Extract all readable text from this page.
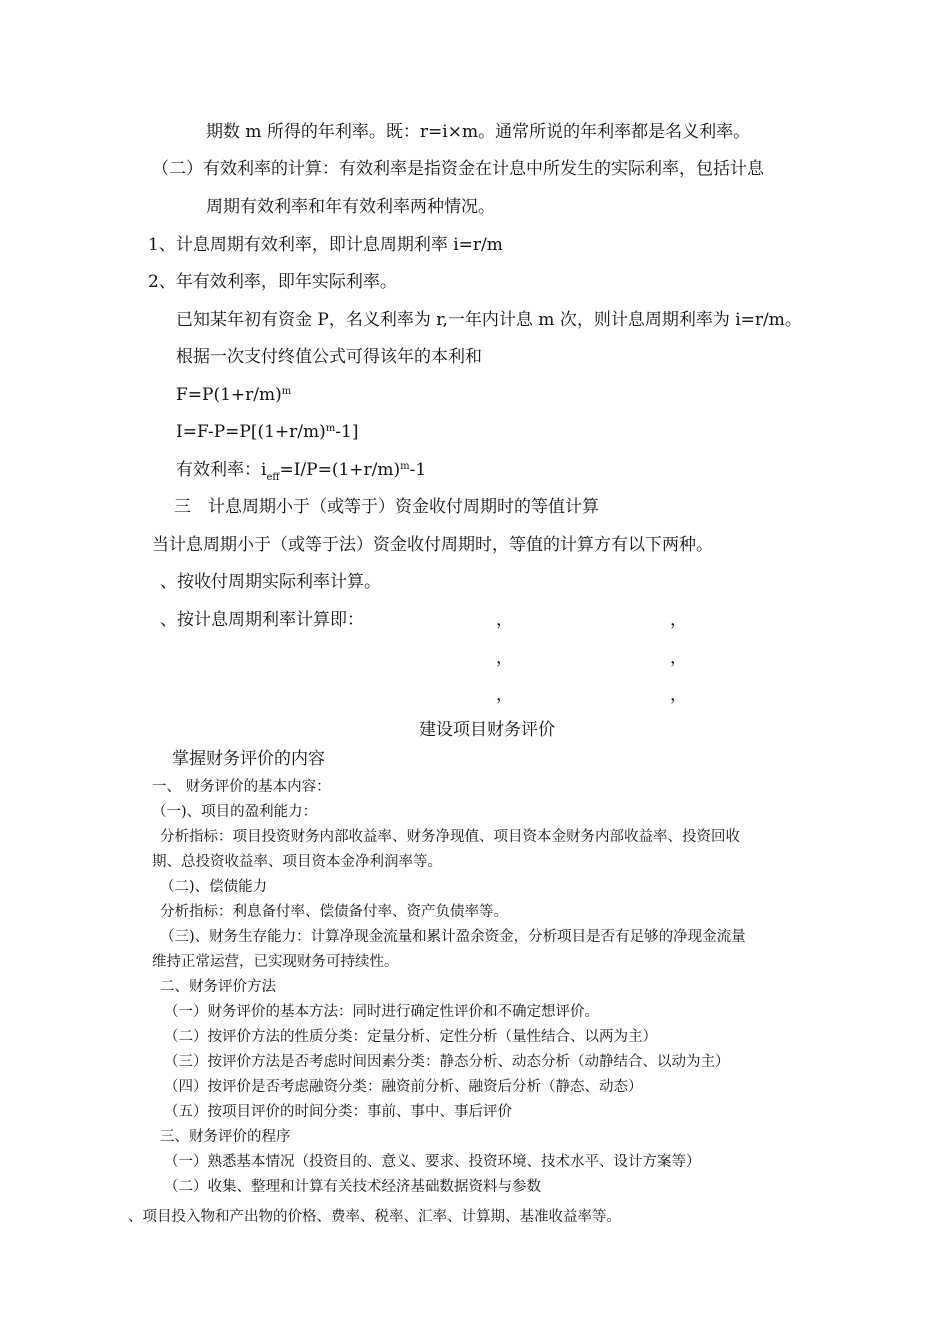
期数 m 所得的年利率。既：r=i×m。通常所说的年利率都是名义利率。
（二）有效利率的计算：有效利率是指资金在计息中所发生的实际利率，包括计息
周期有效利率和年有效利率两种情况。
1、计息周期有效利率，即计息周期利率 i=r/m
2、年有效利率，即年实际利率。
已知某年初有资金 P，名义利率为 r,一年内计息 m 次，则计息周期利率为 i=r/m。
根据一次支付终值公式可得该年的本利和
$F=P(1+r/m)^m$
$I=F-P=P[(1+r/m)^m-1]$
有效利率：$i_{eff}=I/P=(1+r/m)^m-1$
三　计息周期小于（或等于）资金收付周期时的等值计算
当计息周期小于（或等于法）资金收付周期时，等值的计算方有以下两种。
、按收付周期实际利率计算。
、按计息周期利率计算即：	，	，
，	，
，	，
建设项目财务评价
掌握财务评价的内容
一、 财务评价的基本内容：
（一)、项目的盈利能力：
分析指标：项目投资财务内部收益率、财务净现值、项目资本金财务内部收益率、投资回收
期、总投资收益率、项目资本金净利润率等。
（二)、偿债能力
分析指标：利息备付率、偿债备付率、资产负债率等。
（三)、财务生存能力：计算净现金流量和累计盈余资金，分析项目是否有足够的净现金流量
维持正常运营，已实现财务可持续性。
二、财务评价方法
（一）财务评价的基本方法：同时进行确定性评价和不确定想评价。
（二）按评价方法的性质分类：定量分析、定性分析（量性结合、以两为主）
（三）按评价方法是否考虑时间因素分类：静态分析、动态分析（动静结合、以动为主）
（四）按评价是否考虑融资分类：融资前分析、融资后分析（静态、动态）
（五）按项目评价的时间分类：事前、事中、事后评价
三、财务评价的程序
（一）熟悉基本情况（投资目的、意义、要求、投资环境、技术水平、设计方案等）
（二）收集、整理和计算有关技术经济基础数据资料与参数
、项目投入物和产出物的价格、费率、税率、汇率、计算期、基准收益率等。
